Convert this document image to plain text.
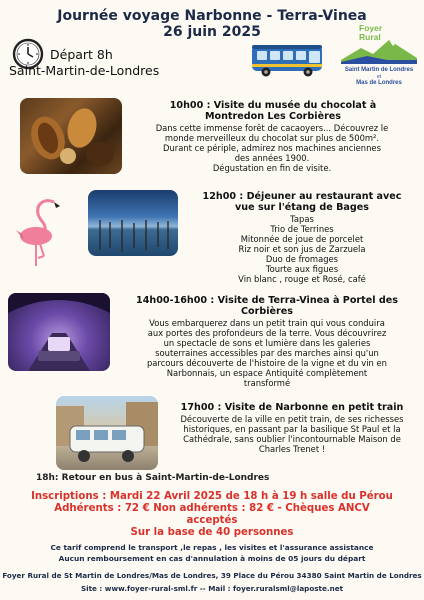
Journée voyage Narbonne - Terra-Vinea
26 juin 2025
Départ 8h
Saint-Martin-de-Londres
Foyer
Rural
Saint Martin de Londres
et
Mas de Londres
10h00 : Visite du musée du chocolat à
Montredon Les Corbières
Dans cette immense forêt de cacaoyers... Découvrez le
monde merveilleux du chocolat sur plus de 500m².
Durant ce périple, admirez nos machines anciennes
des années 1900.
Dégustation en fin de visite.
12h00 : Déjeuner au restaurant avec
vue sur l'étang de Bages
Tapas
Trio de Terrines
Mitonnée de joue de porcelet
Riz noir et son jus de Zarzuela
Duo de fromages
Tourte aux figues
Vin blanc , rouge et Rosé, café
14h00-16h00 : Visite de Terra-Vinea à Portel des
Corbières
Vous embarquerez dans un petit train qui vous conduira
aux portes des profondeurs de la terre. Vous découvrirez
un spectacle de sons et lumière dans les galeries
souterraines accessibles par des marches ainsi qu'un
parcours découverte de l'histoire de la vigne et du vin en
Narbonnais, un espace Antiquité complètement
transformé
17h00 : Visite de Narbonne en petit train
Découverte de la ville en petit train, de ses richesses
historiques, en passant par la basilique St Paul et la
Cathédrale, sans oublier l'incontournable Maison de
Charles Trenet !
18h: Retour en bus à Saint-Martin-de-Londres
Inscriptions : Mardi 22 Avril 2025 de 18 h à 19 h salle du Pérou
Adhérents : 72 € Non adhérents : 82 € - Chèques ANCV
acceptés
Sur la base de 40 personnes
Ce tarif comprend le transport ,le repas , les visites et l'assurance assistance
Aucun remboursement en cas d'annulation à moins de 05 jours du départ
Foyer Rural de St Martin de Londres/Mas de Londres, 39 Place du Pérou 34380 Saint Martin de Londres
Site : www.foyer-rural-sml.fr -- Mail : foyer.ruralsml@laposte.net
